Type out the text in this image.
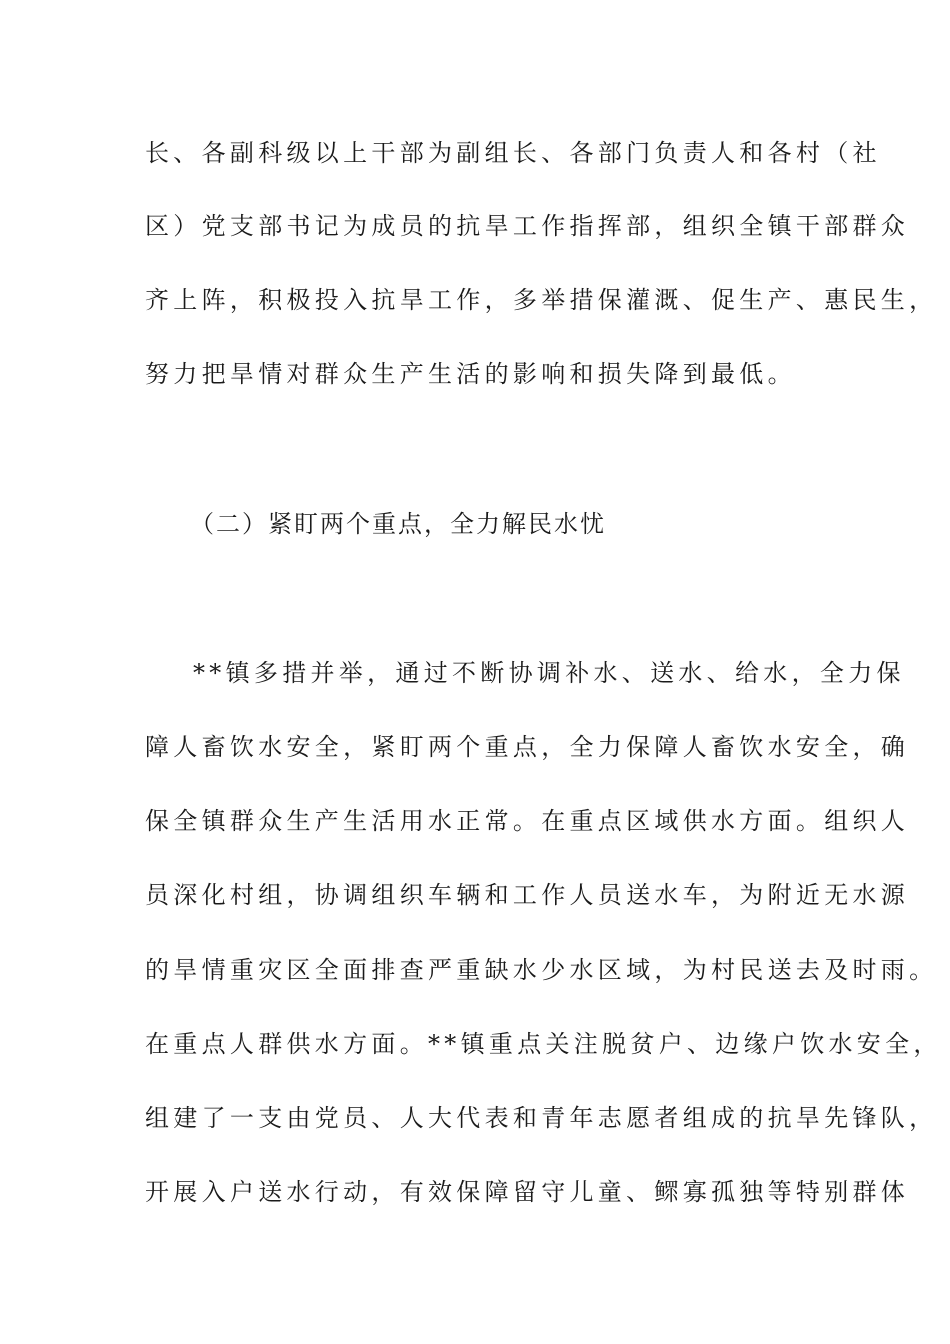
长、各副科级以上干部为副组长、各部门负责人和各村（社
区）党支部书记为成员的抗旱工作指挥部，组织全镇干部群众
齐上阵，积极投入抗旱工作，多举措保灌溉、促生产、惠民生，
努力把旱情对群众生产生活的影响和损失降到最低。
（二）紧盯两个重点，全力解民水忧
**镇多措并举，通过不断协调补水、送水、给水，全力保
障人畜饮水安全，紧盯两个重点，全力保障人畜饮水安全，确
保全镇群众生产生活用水正常。在重点区域供水方面。组织人
员深化村组，协调组织车辆和工作人员送水车，为附近无水源
的旱情重灾区全面排查严重缺水少水区域，为村民送去及时雨。
在重点人群供水方面。**镇重点关注脱贫户、边缘户饮水安全，
组建了一支由党员、人大代表和青年志愿者组成的抗旱先锋队，
开展入户送水行动，有效保障留守儿童、鳏寡孤独等特别群体
